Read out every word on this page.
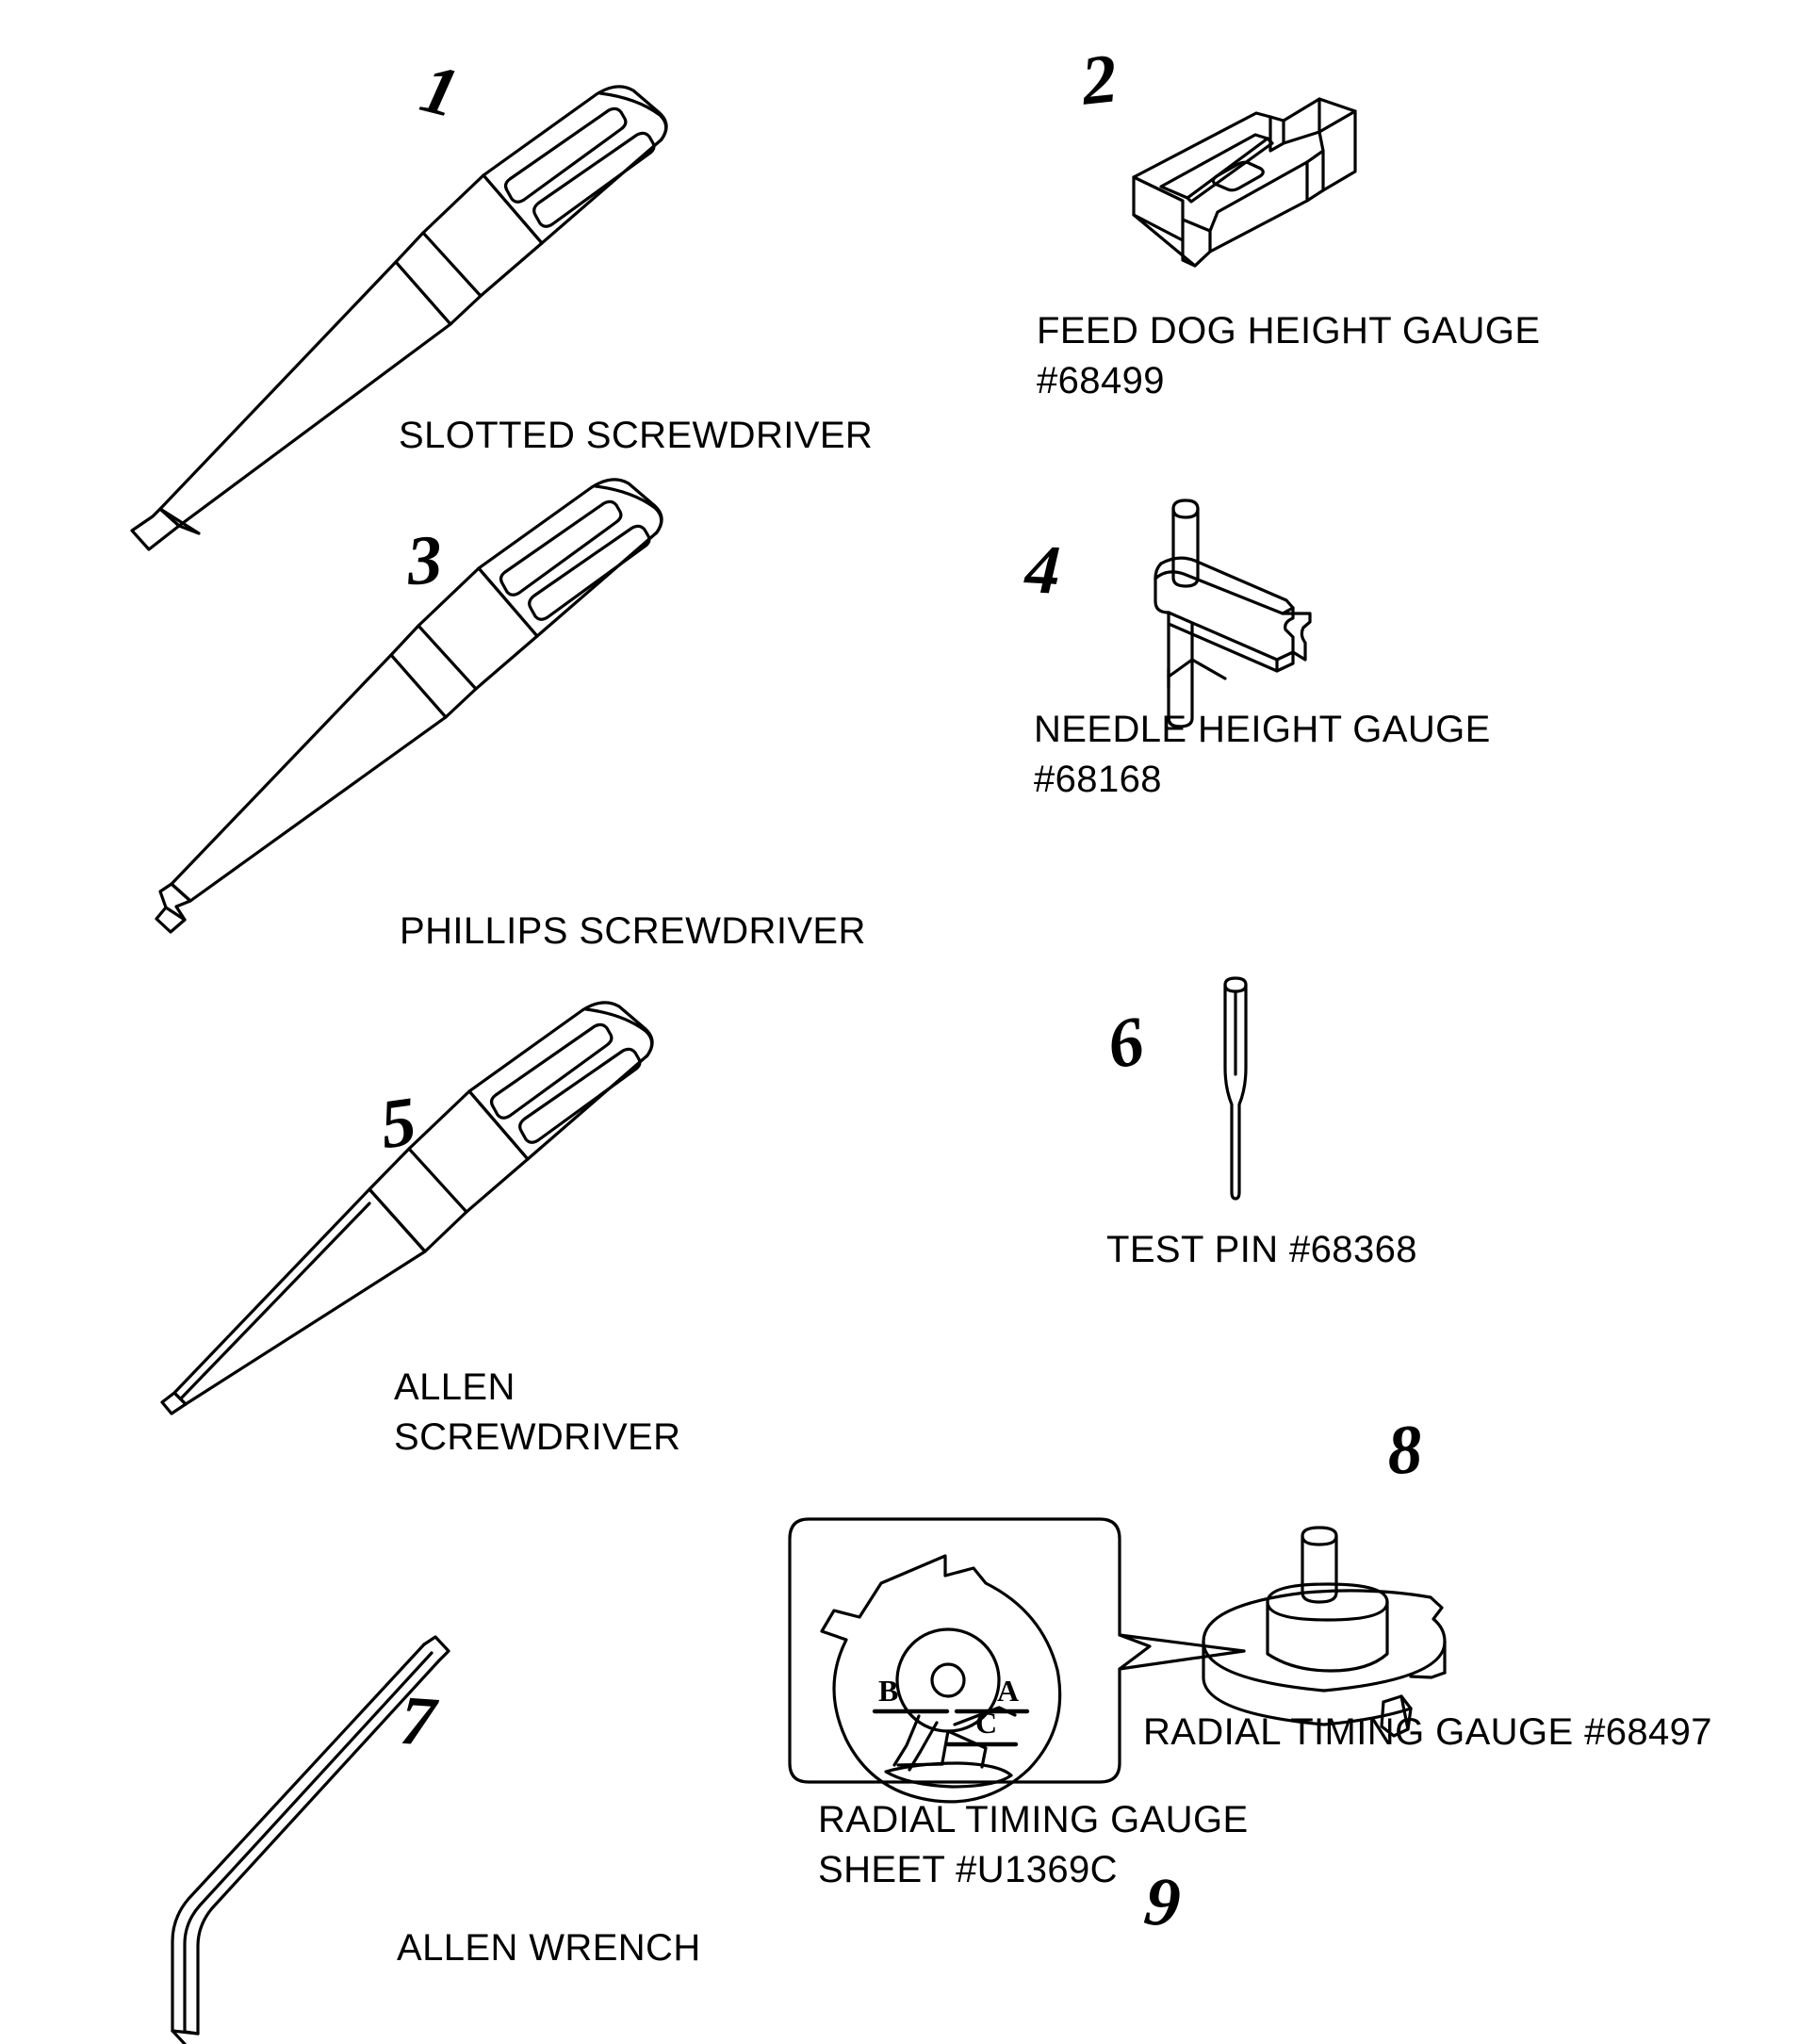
1	2
3	4
5
6
7
8
9
SLOTTED SCREWDRIVER
FEED DOG HEIGHT GAUGE
#68499
PHILLIPS SCREWDRIVER
NEEDLE HEIGHT GAUGE
#68168
ALLEN
SCREWDRIVER
TEST PIN #68368
ALLEN WRENCH
RADIAL TIMING GAUGE #68497
RADIAL TIMING GAUGE
SHEET #U1369C
B	A
C
